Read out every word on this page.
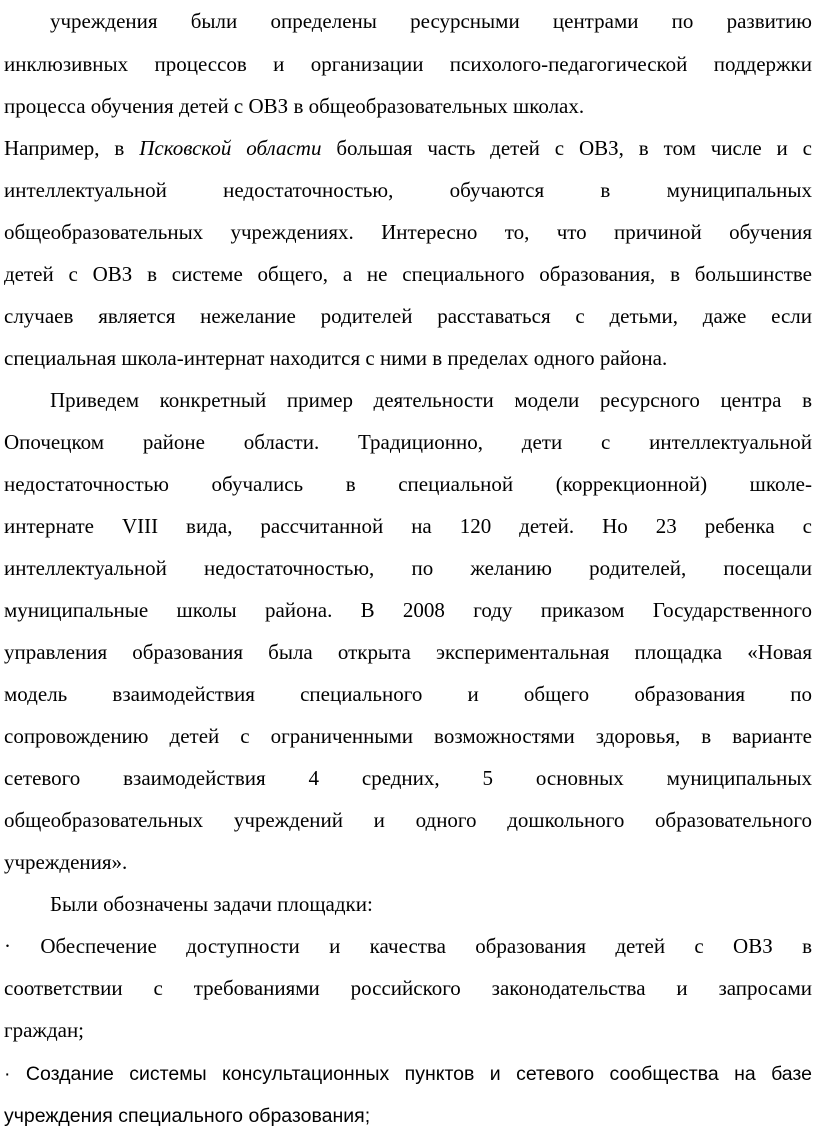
учреждения были определены ресурсными центрами по развитию
инклюзивных процессов и организации психолого-педагогической поддержки
процесса обучения детей с ОВЗ в общеобразовательных школах.
Например, в Псковской области большая часть детей с ОВЗ, в том числе и с
интеллектуальной недостаточностью, обучаются в муниципальных
общеобразовательных учреждениях. Интересно то, что причиной обучения
детей с ОВЗ в системе общего, а не специального образования, в большинстве
случаев является нежелание родителей расставаться с детьми, даже если
специальная школа-интернат находится с ними в пределах одного района.
Приведем конкретный пример деятельности модели ресурсного центра в
Опочецком районе области. Традиционно, дети с интеллектуальной
недостаточностью обучались в специальной (коррекционной) школе-
интернате VIII вида, рассчитанной на 120 детей. Но 23 ребенка с
интеллектуальной недостаточностью, по желанию родителей, посещали
муниципальные школы района. В 2008 году приказом Государственного
управления образования была открыта экспериментальная площадка «Новая
модель взаимодействия специального и общего образования по
сопровождению детей с ограниченными возможностями здоровья, в варианте
сетевого взаимодействия 4 средних, 5 основных муниципальных
общеобразовательных учреждений и одного дошкольного образовательного
учреждения».
Были обозначены задачи площадки:
· Обеспечение доступности и качества образования детей с ОВЗ в
соответствии с требованиями российского законодательства и запросами
граждан;
· Создание системы консультационных пунктов и сетевого сообщества на базе
учреждения специального образования;
